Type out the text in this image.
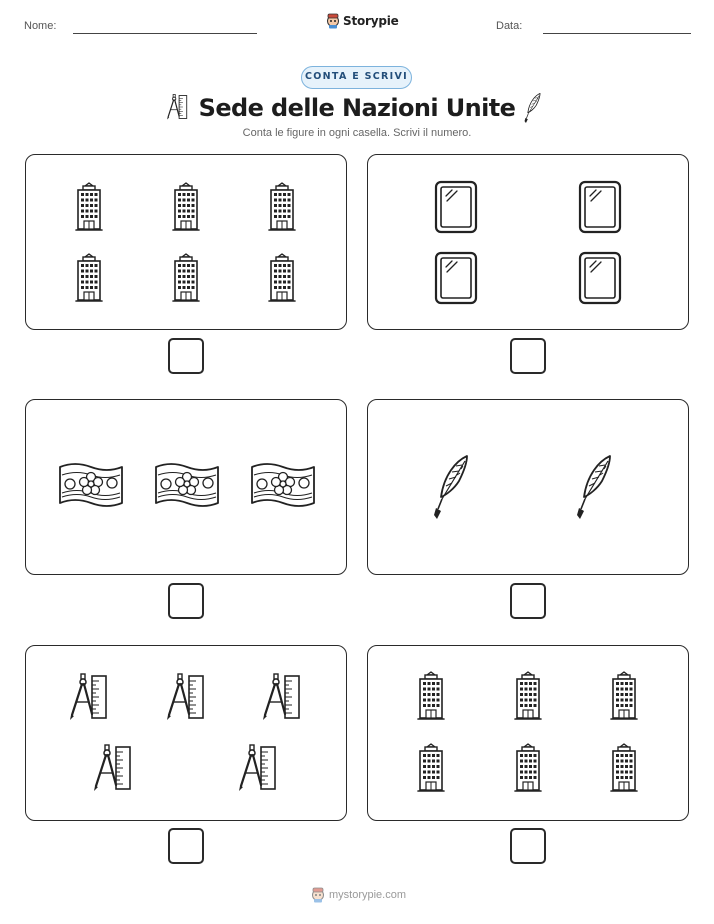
Nome:	Storypie	Data:
CONTA E SCRIVI
Sede delle Nazioni Unite
Conta le figure in ogni casella. Scrivi il numero.
mystorypie.com
